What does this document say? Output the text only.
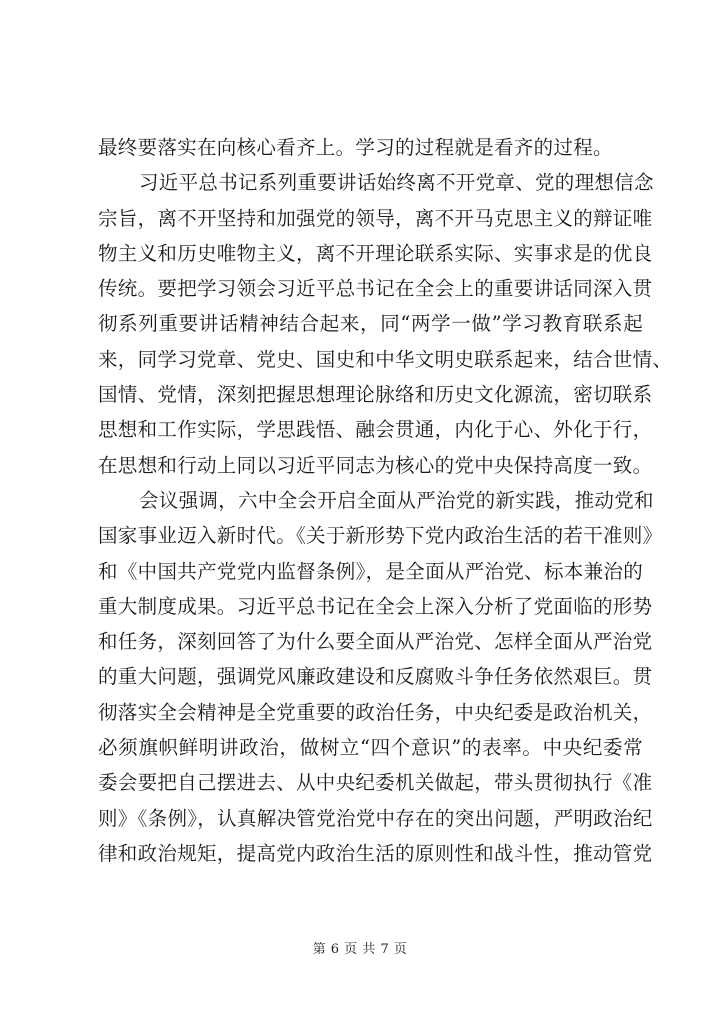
最终要落实在向核心看齐上。学习的过程就是看齐的过程。
习近平总书记系列重要讲话始终离不开党章、党的理想信念
宗旨，离不开坚持和加强党的领导，离不开马克思主义的辩证唯
物主义和历史唯物主义，离不开理论联系实际、实事求是的优良
传统。要把学习领会习近平总书记在全会上的重要讲话同深入贯
彻系列重要讲话精神结合起来，同“两学一做”学习教育联系起
来，同学习党章、党史、国史和中华文明史联系起来，结合世情、
国情、党情，深刻把握思想理论脉络和历史文化源流，密切联系
思想和工作实际，学思践悟、融会贯通，内化于心、外化于行，
在思想和行动上同以习近平同志为核心的党中央保持高度一致。
会议强调，六中全会开启全面从严治党的新实践，推动党和
国家事业迈入新时代。《关于新形势下党内政治生活的若干准则》
和《中国共产党党内监督条例》，是全面从严治党、标本兼治的
重大制度成果。习近平总书记在全会上深入分析了党面临的形势
和任务，深刻回答了为什么要全面从严治党、怎样全面从严治党
的重大问题，强调党风廉政建设和反腐败斗争任务依然艰巨。贯
彻落实全会精神是全党重要的政治任务，中央纪委是政治机关，
必须旗帜鲜明讲政治，做树立“四个意识”的表率。中央纪委常
委会要把自己摆进去、从中央纪委机关做起，带头贯彻执行《准
则》《条例》，认真解决管党治党中存在的突出问题，严明政治纪
律和政治规矩，提高党内政治生活的原则性和战斗性，推动管党
第 6 页 共 7 页
